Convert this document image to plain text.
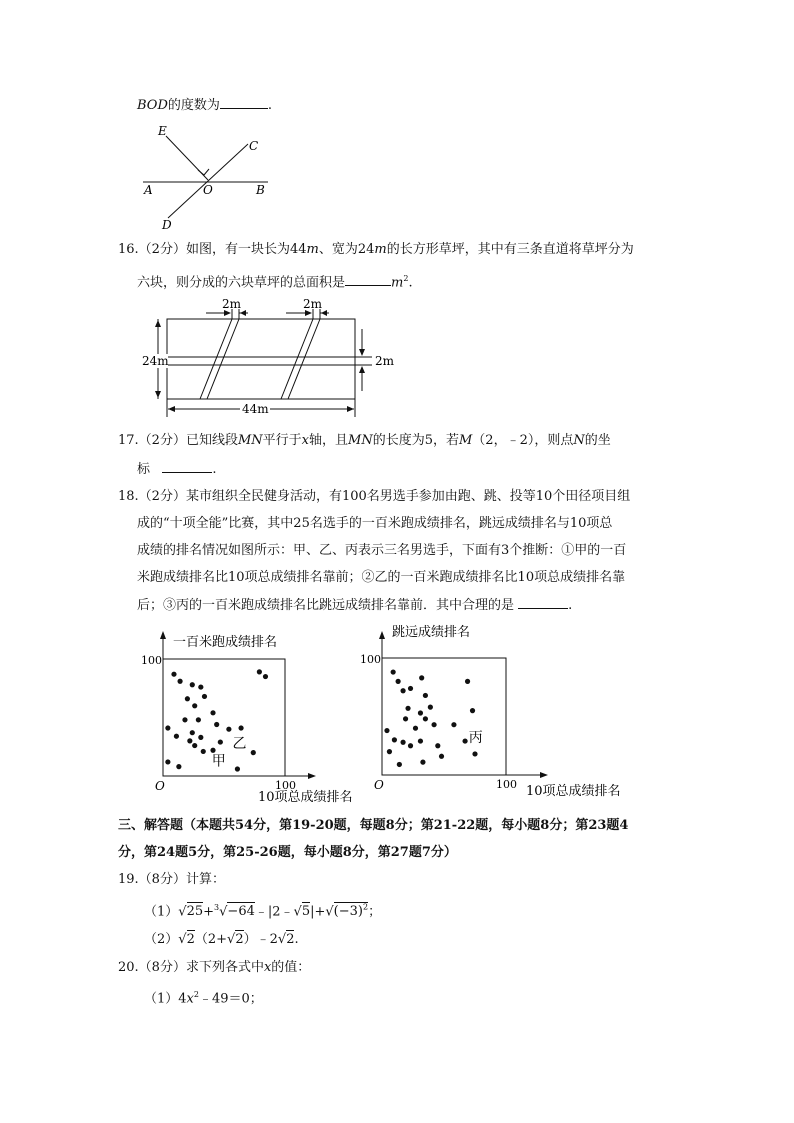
BOD的度数为	.
E
C
A	O	B
D
16.（2分）如图，有一块长为44m、宽为24m的长方形草坪，其中有三条直道将草坪分为
六块，则分成的六块草坪的总面积是	$m^2$.
2m	2m
24m	2m
44m
17.（2分）已知线段MN平行于x轴，且MN的长度为5，若M（2，﹣2），则点N的坐
标	.
18.（2分）某市组织全民健身活动，有100名男选手参加由跑、跳、投等10个田径项目组
成的“十项全能”比赛，其中25名选手的一百米跑成绩排名，跳远成绩排名与10项总
成绩的排名情况如图所示：甲、乙、丙表示三名男选手，下面有3个推断：①甲的一百
米跑成绩排名比10项总成绩排名靠前；②乙的一百米跑成绩排名比10项总成绩排名靠
后；③丙的一百米跑成绩排名比跳远成绩排名靠前．其中合理的是	.
一百米跑成绩排名
100
100
10项总成绩排名
O
乙
甲
跳远成绩排名
100
100 10项总成绩排名
O
丙
三、解答题（本题共54分，第19-20题，每题8分；第21-22题，每小题8分；第23题4
分，第24题5分，第25-26题，每小题8分，第27题7分）
19.（8分）计算：
$(1)√25+^3√-64﹣|2﹣√5|+√(-3)^2$；
（2）√2（2+√2）﹣2√2.
20.（8分）求下列各式中x的值：
$(1)4x^2﹣49=0$；
